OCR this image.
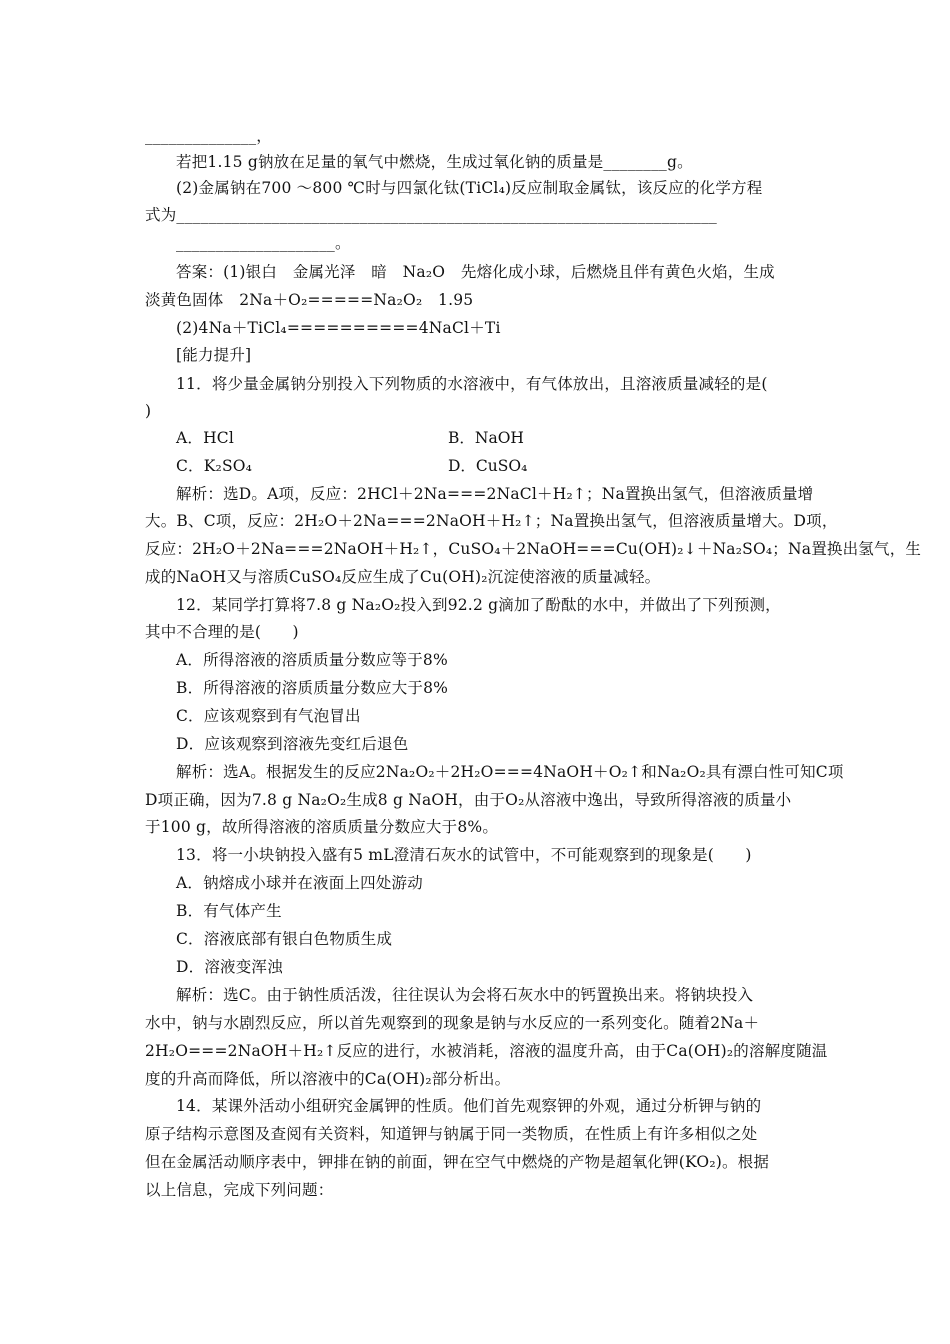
______________，
若把1.15 g钠放在足量的氧气中燃烧，生成过氧化钠的质量是________g。
(2)金属钠在700 ～800 ℃时与四氯化钛(TiCl₄)反应制取金属钛，该反应的化学方程
式为____________________________________________________________________
____________________。
答案：(1)银白　金属光泽　暗　Na₂O　先熔化成小球，后燃烧且伴有黄色火焰，生成
淡黄色固体　2Na＋O₂=====Na₂O₂　1.95
(2)4Na＋TiCl₄==========4NaCl＋Ti
[能力提升]
11．将少量金属钠分别投入下列物质的水溶液中，有气体放出，且溶液质量减轻的是(
)
A．HCl	B．NaOH
C．K₂SO₄	D．CuSO₄
解析：选D。A项，反应：2HCl＋2Na===2NaCl＋H₂↑；Na置换出氢气，但溶液质量增
大。B、C项，反应：2H₂O＋2Na===2NaOH＋H₂↑；Na置换出氢气，但溶液质量增大。D项，
反应：2H₂O＋2Na===2NaOH＋H₂↑，CuSO₄＋2NaOH===Cu(OH)₂↓＋Na₂SO₄；Na置换出氢气，生
成的NaOH又与溶质CuSO₄反应生成了Cu(OH)₂沉淀使溶液的质量减轻。
12．某同学打算将7.8 g Na₂O₂投入到92.2 g滴加了酚酞的水中，并做出了下列预测，
其中不合理的是(　　)
A．所得溶液的溶质质量分数应等于8%
B．所得溶液的溶质质量分数应大于8%
C．应该观察到有气泡冒出
D．应该观察到溶液先变红后退色
解析：选A。根据发生的反应2Na₂O₂＋2H₂O===4NaOH＋O₂↑和Na₂O₂具有漂白性可知C项
D项正确，因为7.8 g Na₂O₂生成8 g NaOH，由于O₂从溶液中逸出，导致所得溶液的质量小
于100 g，故所得溶液的溶质质量分数应大于8%。
13．将一小块钠投入盛有5 mL澄清石灰水的试管中，不可能观察到的现象是(　　)
A．钠熔成小球并在液面上四处游动
B．有气体产生
C．溶液底部有银白色物质生成
D．溶液变浑浊
解析：选C。由于钠性质活泼，往往误认为会将石灰水中的钙置换出来。将钠块投入
水中，钠与水剧烈反应，所以首先观察到的现象是钠与水反应的一系列变化。随着2Na＋
2H₂O===2NaOH＋H₂↑反应的进行，水被消耗，溶液的温度升高，由于Ca(OH)₂的溶解度随温
度的升高而降低，所以溶液中的Ca(OH)₂部分析出。
14．某课外活动小组研究金属钾的性质。他们首先观察钾的外观，通过分析钾与钠的
原子结构示意图及查阅有关资料，知道钾与钠属于同一类物质，在性质上有许多相似之处
但在金属活动顺序表中，钾排在钠的前面，钾在空气中燃烧的产物是超氧化钾(KO₂)。根据
以上信息，完成下列问题：
